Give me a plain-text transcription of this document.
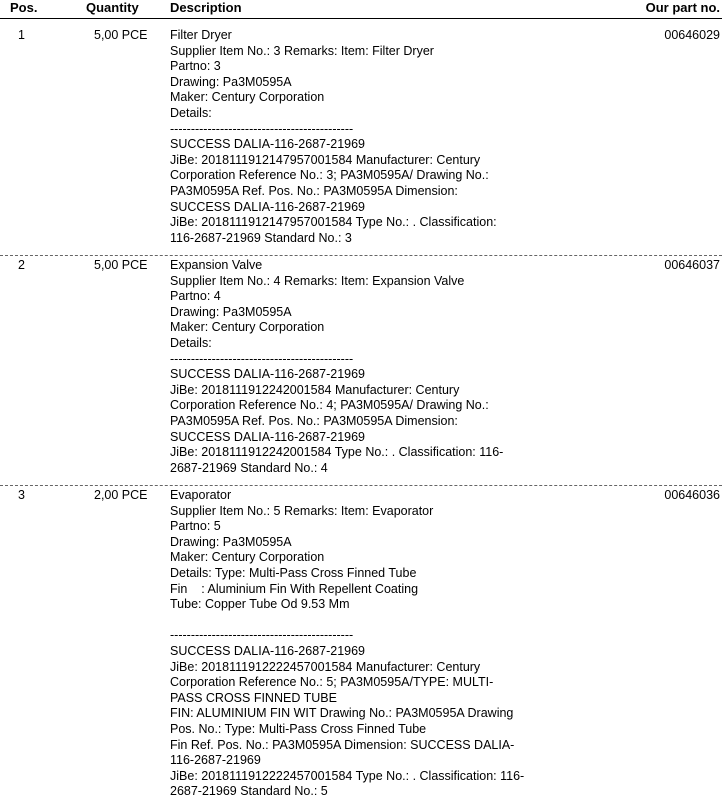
Pos.	Quantity Description	Our part no.
1	5,00 PCE Filter Dryer
Supplier Item No.: 3 Remarks: Item: Filter Dryer
Partno: 3
Drawing: Pa3M0595A
Maker: Century Corporation
Details:
--------------------------------------------
SUCCESS DALIA-116-2687-21969
JiBe: 2018111912147957001584 Manufacturer: Century
Corporation Reference No.: 3; PA3M0595A/ Drawing No.:
PA3M0595A Ref. Pos. No.: PA3M0595A Dimension:
SUCCESS DALIA-116-2687-21969
JiBe: 2018111912147957001584 Type No.: . Classification:
116-2687-21969 Standard No.: 3
00646029
2	5,00 PCE Expansion Valve
Supplier Item No.: 4 Remarks: Item: Expansion Valve
Partno: 4
Drawing: Pa3M0595A
Maker: Century Corporation
Details:
--------------------------------------------
SUCCESS DALIA-116-2687-21969
JiBe: 2018111912242001584 Manufacturer: Century
Corporation Reference No.: 4; PA3M0595A/ Drawing No.:
PA3M0595A Ref. Pos. No.: PA3M0595A Dimension:
SUCCESS DALIA-116-2687-21969
JiBe: 2018111912242001584 Type No.: . Classification: 116-
2687-21969 Standard No.: 4
00646037
3	2,00 PCE Evaporator
Supplier Item No.: 5 Remarks: Item: Evaporator
Partno: 5
Drawing: Pa3M0595A
Maker: Century Corporation
Details: Type: Multi-Pass Cross Finned Tube
Fin    : Aluminium Fin With Repellent Coating
Tube: Copper Tube Od 9.53 Mm

--------------------------------------------
SUCCESS DALIA-116-2687-21969
JiBe: 2018111912222457001584 Manufacturer: Century
Corporation Reference No.: 5; PA3M0595A/TYPE: MULTI-
PASS CROSS FINNED TUBE
FIN: ALUMINIUM FIN WIT Drawing No.: PA3M0595A Drawing
Pos. No.: Type: Multi-Pass Cross Finned Tube
Fin Ref. Pos. No.: PA3M0595A Dimension: SUCCESS DALIA-
116-2687-21969
JiBe: 2018111912222457001584 Type No.: . Classification: 116-
2687-21969 Standard No.: 5
00646036
